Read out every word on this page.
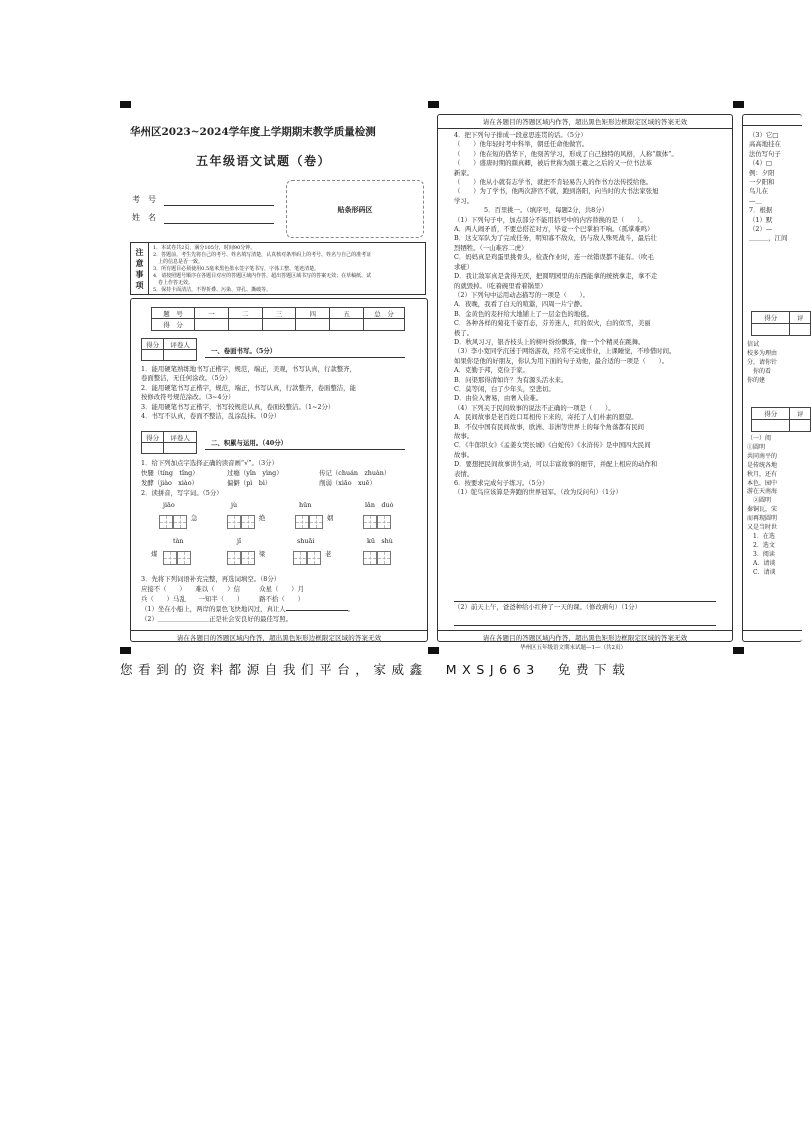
华州区2023~2024学年度上学期期末教学质量检测
五年级语文试题（卷）
考　号
姓　名
贴条形码区
注
意
事
项
1．本试卷共2页，满分105分，时间90分钟。
2．答题前，考生先将自己的考号、姓名填写清楚，认真核对条形码上的考号、姓名与自己的准考证
　上的信息是否一致。
3．所有题目必须使用0.5毫米黑色墨水签字笔书写，字体工整、笔迹清楚。
4．请按照题号顺序在各题目对应的答题区域内作答，超出答题区域书写的答案无效；在草稿纸、试
　卷上作答无效。
5．保持卡面清洁，不得折叠、污染、穿孔、撕破等。
题　号	一	二	三	四	五	总　分
得　分						
得分	评卷人

一、卷面书写。（5分）
1．能用硬笔熟练地书写正楷字，规范，端正，美观，书写认真，行款整齐，
卷面整洁，无任何涂改。（5分）
2．能用硬笔书写正楷字，规范，端正，书写认真，行款整齐，卷面整洁，能
按修改符号规范涂改。（3~4分）
3．能用硬笔书写正楷字，书写较规范认真，卷面较整洁。（1~2分）
4．书写不认真，卷面不整洁，乱涂乱抹。（0分）
得分	评卷人

二、积累与运用。（40分）
1．给下列加点字选择正确的读音画“√”。（3分）
快腿（tíng　tǐng）	过瘾（yǐn　yìng）	传记（chuán　zhuàn）
发酵（jiào　xiào）	偏僻（pì　bì）	削弱（xiāo　xuē）
2．读拼音，写字词。（5分）
jiāo
急
jù
绝
hūn
姻
lǎn　duò
tàn
煤
jǐ
梁
shuāi
老
kū　shù
3．先将下列词语补充完整，再选词填空。（8分）
应接不（　　）　　难以（　　）信　　　众星（　　）月
兵（　　）马乱　　一知半（　　）　　　路不拾（　　）
（1）坐在小船上，两岸的景色飞快地闪过，真让人	。
（2）＿＿＿＿＿＿＿＿正是社会安良好的最佳写照。
请在各题目的答题区域内作答，超出黑色矩形边框限定区域的答案无效
请在各题目的答题区域内作答，超出黑色矩形边框限定区域的答案无效
4．把下列句子排成一段意思连贯的话。（5分）
（　　）他年轻时考中科举，朝廷任命他做官。
（　　）他在短的借华下，他刻苦学习，形成了自己独特的风格，人称“颜体”。
（　　）盛唐时期的颜真卿，被后世称为颜王羲之之后的又一位书法革
新家。
（　　）他从小就有志学书，就把不肯轻易告人的作书方法传授给他。
（　　）为了学书，他两次辞官不就，跑到洛阳，向当时的大书法家张旭
学习。
5．百里挑一。（填序号，每题2分，共8分）
（1）下列句子中，加点部分不能用括号中的内容替换的是（　　）。
A．两人闹矛盾，不要总搭茬对方，毕竟一个巴掌拍不响。（孤掌难鸣）
B．这支军队为了完成任务，明知寡不敌众，仍与敌人殊死战斗，最后壮
烈牺牲。（一山难容二虎）
C．妈妈真是鸡蛋里挑骨头，检查作业时，连一丝错误都不能有。（吹毛
求疵）
D．我让敌军真是贪得无厌，把圆明园里的东西能拿的统统拿走，拿不走
的就毁掉。（吃着碗里看着锅里）
（2）下列句中运用动态描写的一项是（　　）。
A．夜晚，我看了白天的喧嚣，四周一片宁静。
B．金黄色的麦秆给大地铺上了一层金色的地毯。
C．各种各样的菊花千姿百态，芬芳迷人，红的似火，白的似雪，美丽
极了。
D．秋风习习，银杏枝头上的树叶纷纷飘落，像一个个精灵在跳舞。
（3）李小宽同学沉迷于网络游戏，经常不完成作业，上课睡觉，不珍惜时间。
如果你是他的好朋友，你认为用下面的句子劝他，最合适的一项是（　　）。
A．克勤于邦，克俭于家。
B．问渠那得清如许？为有源头活水来。
C．莫等闲，白了少年头，空悲切。
D．由俭入奢易，由奢入俭难。
（4）下列关于民间故事的说法不正确的一项是（　　）。
A．民间故事是老百姓口耳相传下来的，寄托了人们朴素的愿望。
B．不仅中国有民间故事，欧洲、非洲等世界上的每个角落都有民间
故事。
C．《牛郎织女》《孟姜女哭长城》《白蛇传》《水浒传》是中国四大民间
故事。
D．要想把民间故事讲生动，可以丰富故事的细节，并配上相应的动作和
表情。
6．按要求完成句子练习。（5分）
（1）鸵鸟应该算是奔跑的世界冠军。（改为反问句）（1分）
（2）前天上午，爸爸种给小红种了一天的课。（修改病句）（1分）
请在各题目的答题区域内作答，超出黑色矩形边框限定区域的答案无效
华州区五年级语文期末试题—1—（共2页）
（3）它□
高高地挂在
法仿写句子
（4）□
例：夕阳
一夕阳和
鸟儿在
—＿
7．根据
（1）默
（2）—
＿＿＿，江间
得分	评

信试
校多为理由
分，请你针
　你的看
你的建
得分	评

（一）阅
①圆明
共同南平的
是传统各地
秋月，还有
本色，园中
游在天南海
　②圆明
秦铜瓦，宋
而再现圆明
又是当时世
　1．在选
　2．选文
　3．阅读
　A．请谈
　C．请谈
您看到的资料都源自我们平台，家威鑫　MXSJ663　免费下载
